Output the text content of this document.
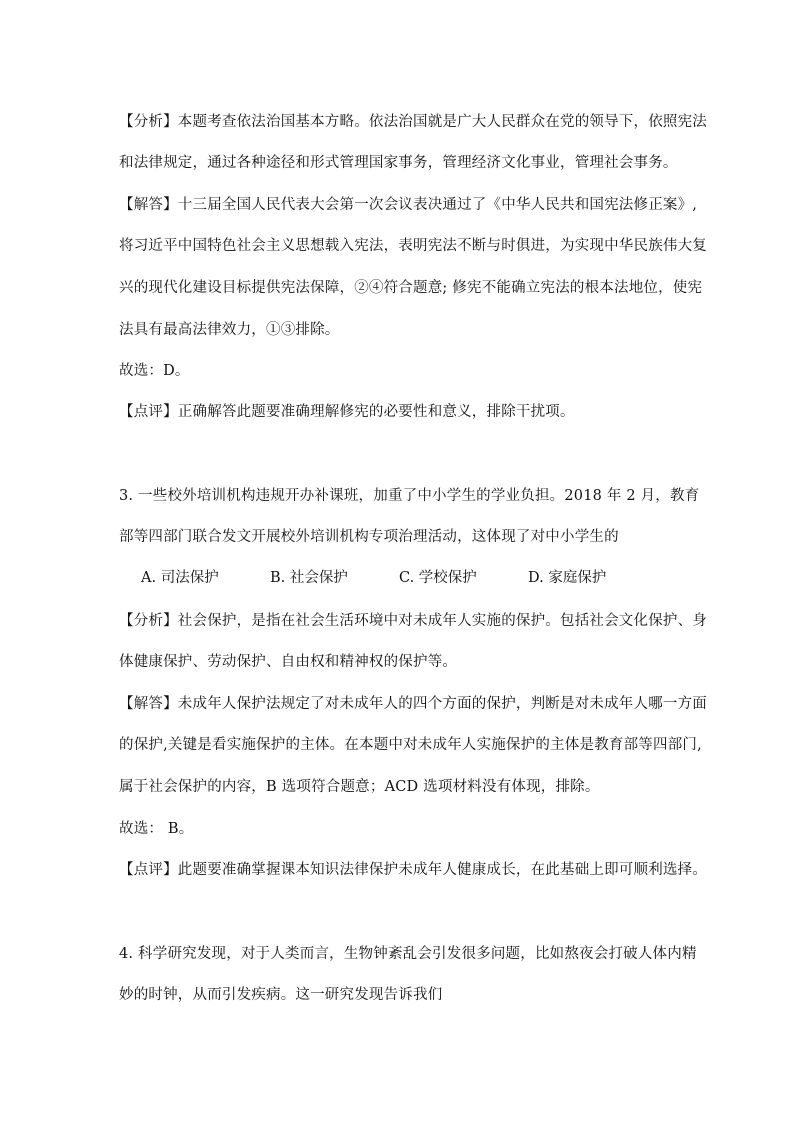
【分析】本题考查依法治国基本方略。依法治国就是广大人民群众在党的领导下，依照宪法
和法律规定，通过各种途径和形式管理国家事务，管理经济文化事业，管理社会事务。
【解答】十三届全国人民代表大会第一次会议表决通过了《中华人民共和国宪法修正案》,
将习近平中国特色社会主义思想载入宪法，表明宪法不断与时俱进，为实现中华民族伟大复
兴的现代化建设目标提供宪法保障，②④符合题意; 修宪不能确立宪法的根本法地位，使宪
法具有最高法律效力，①③排除。
故选：D。
【点评】正确解答此题要准确理解修宪的必要性和意义，排除干扰项。
3. 一些校外培训机构违规开办补课班，加重了中小学生的学业负担。2018 年 2 月，教育
部等四部门联合发文开展校外培训机构专项治理活动，这体现了对中小学生的
A. 司法保护	B. 社会保护	C. 学校保护	D. 家庭保护
【分析】社会保护，是指在社会生活环境中对未成年人实施的保护。包括社会文化保护、身
体健康保护、劳动保护、自由权和精神权的保护等。
【解答】未成年人保护法规定了对未成年人的四个方面的保护，判断是对未成年人哪一方面
的保护,关键是看实施保护的主体。在本题中对未成年人实施保护的主体是教育部等四部门,
属于社会保护的内容，B 选项符合题意；ACD 选项材料没有体现，排除。
故选： B。
【点评】此题要准确掌握课本知识法律保护未成年人健康成长，在此基础上即可顺利选择。
4. 科学研究发现，对于人类而言，生物钟紊乱会引发很多问题，比如熬夜会打破人体内精
妙的时钟，从而引发疾病。这一研究发现告诉我们
